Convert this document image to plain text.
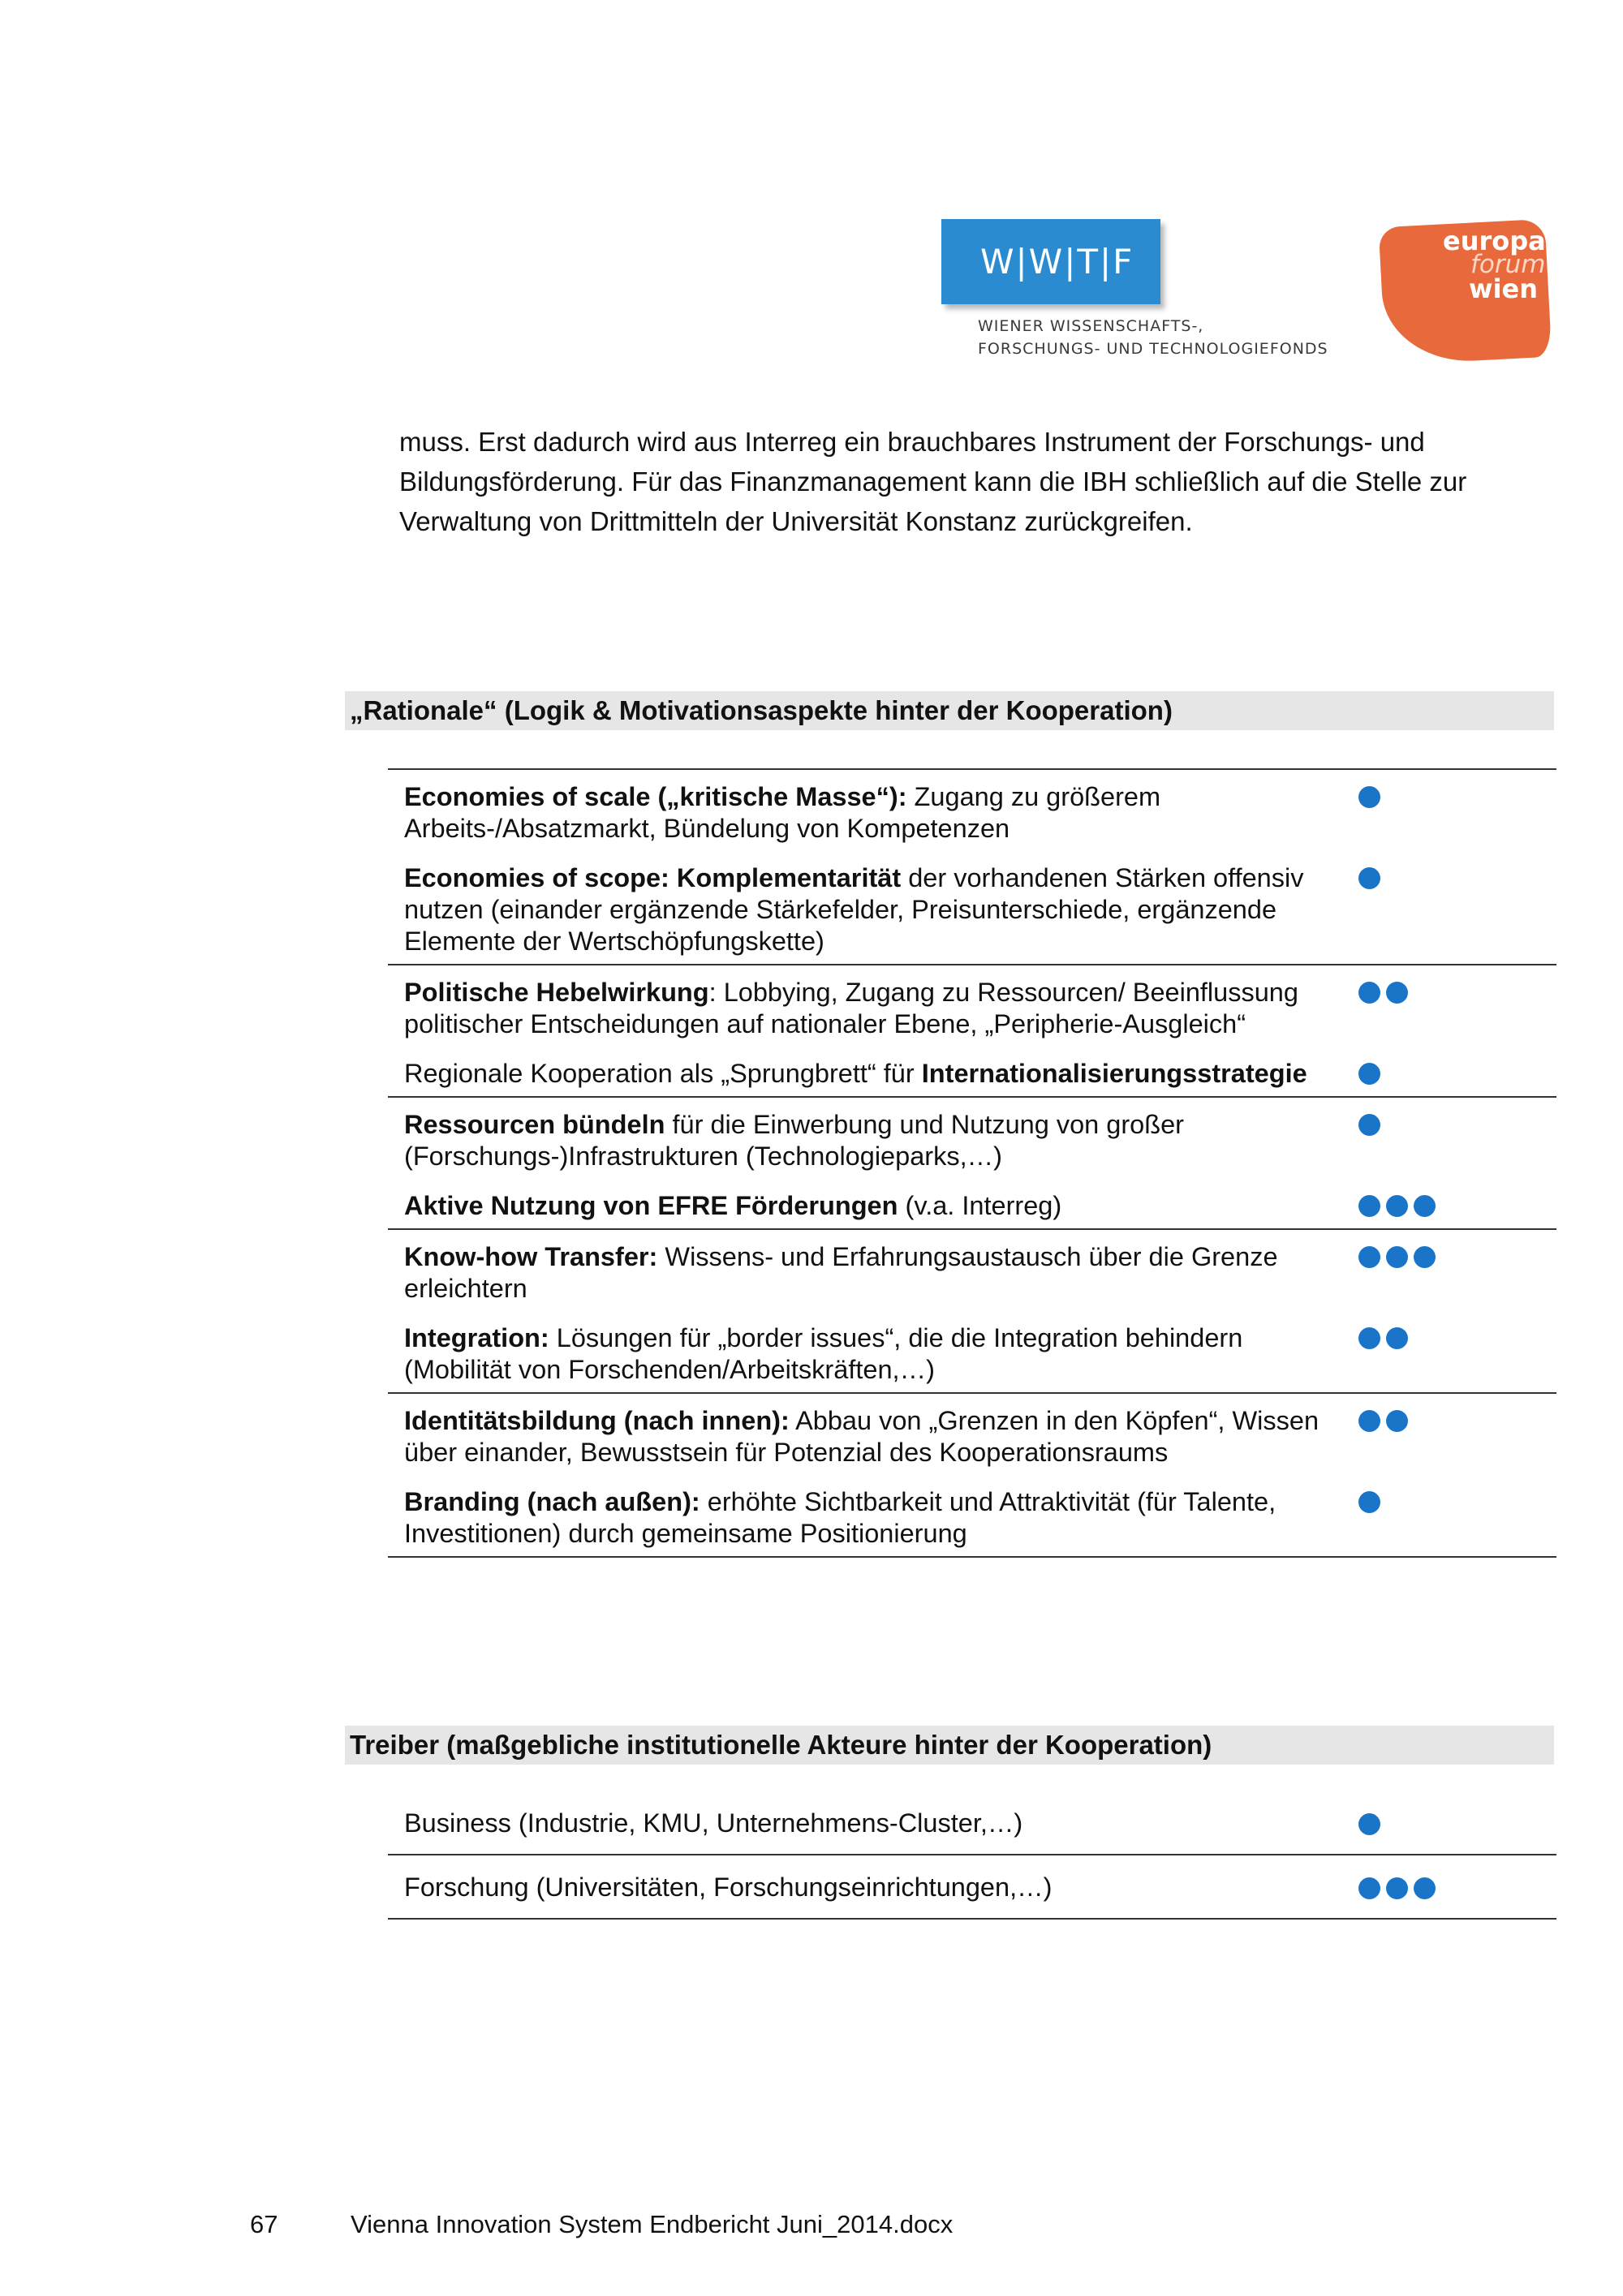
W|W|T|F
WIENER WISSENSCHAFTS-,
FORSCHUNGS- UND TECHNOLOGIEFONDS
europa
forum
wien

muss. Erst dadurch wird aus Interreg ein brauchbares Instrument der Forschungs- und Bildungsförderung. Für das Finanzmanagement kann die IBH schließlich auf die Stelle zur Verwaltung von Drittmitteln der Universität Konstanz zurückgreifen.

„Rationale“ (Logik & Motivationsaspekte hinter der Kooperation)
Economies of scale („kritische Masse“): Zugang zu größerem Arbeits-/Absatzmarkt, Bündelung von Kompetenzen
Economies of scope: Komplementarität der vorhandenen Stärken offensiv nutzen (einander ergänzende Stärkefelder, Preisunterschiede, ergänzende Elemente der Wertschöpfungskette)
Politische Hebelwirkung: Lobbying, Zugang zu Ressourcen/ Beeinflussung politischer Entscheidungen auf nationaler Ebene, „Peripherie-Ausgleich“
Regionale Kooperation als „Sprungbrett“ für Internationalisierungsstrategie
Ressourcen bündeln für die Einwerbung und Nutzung von großer (Forschungs-)Infrastrukturen (Technologieparks,…)
Aktive Nutzung von EFRE Förderungen (v.a. Interreg)
Know-how Transfer: Wissens- und Erfahrungsaustausch über die Grenze erleichtern
Integration: Lösungen für „border issues“, die die Integration behindern (Mobilität von Forschenden/Arbeitskräften,…)
Identitätsbildung (nach innen): Abbau von „Grenzen in den Köpfen“, Wissen über einander, Bewusstsein für Potenzial des Kooperationsraums
Branding (nach außen): erhöhte Sichtbarkeit und Attraktivität (für Talente, Investitionen) durch gemeinsame Positionierung
Treiber (maßgebliche institutionelle Akteure hinter der Kooperation)
Business (Industrie, KMU, Unternehmens-Cluster,…)
Forschung (Universitäten, Forschungseinrichtungen,…)
67	Vienna Innovation System Endbericht Juni_2014.docx
